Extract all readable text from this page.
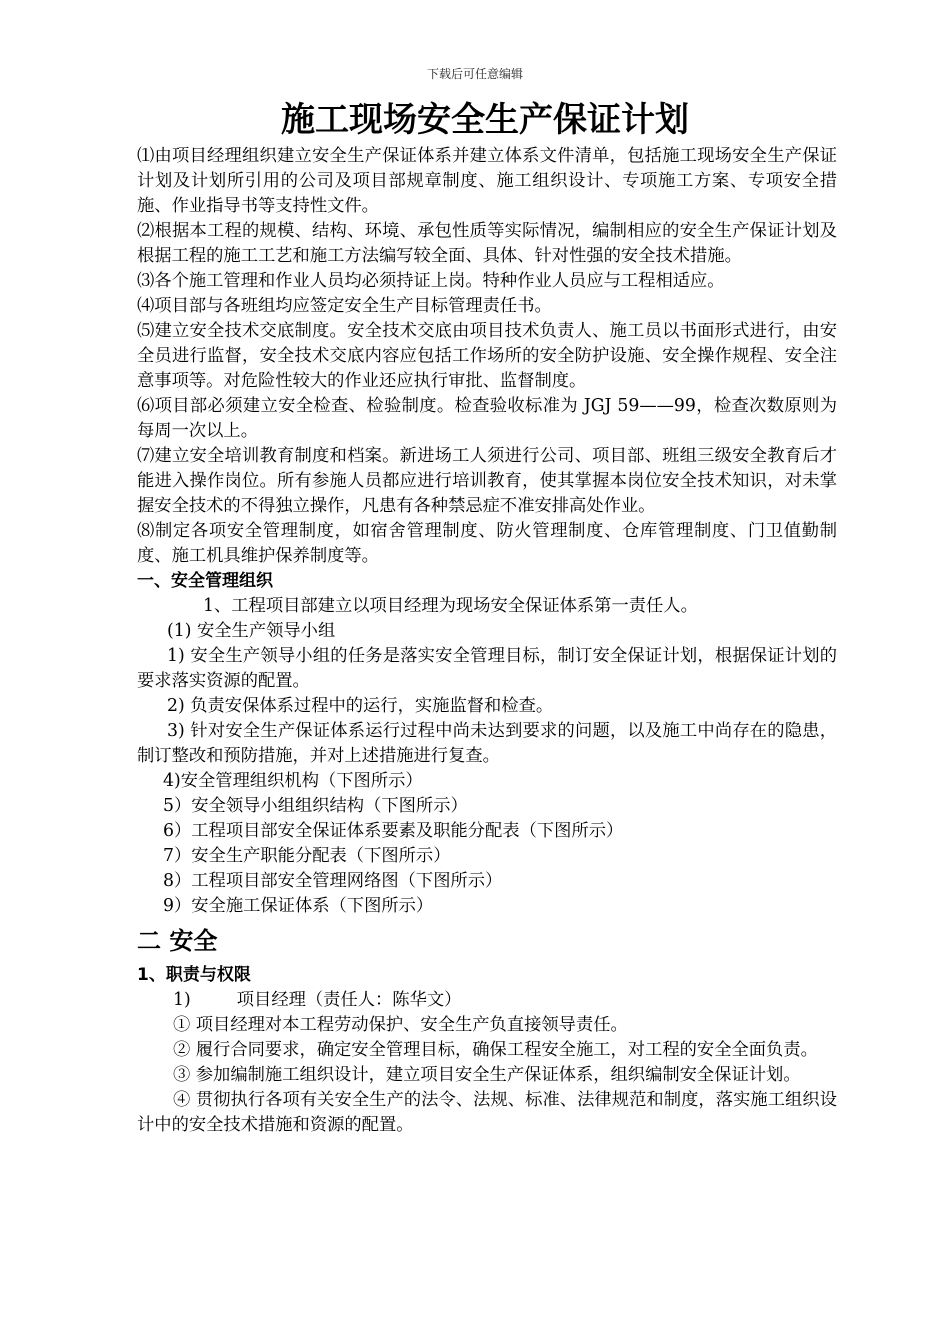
下载后可任意编辑
施工现场安全生产保证计划

⑴由项目经理组织建立安全生产保证体系并建立体系文件清单，包括施工现场安全生产保证计划及计划所引用的公司及项目部规章制度、施工组织设计、专项施工方案、专项安全措施、作业指导书等支持性文件。

⑵根据本工程的规模、结构、环境、承包性质等实际情况，编制相应的安全生产保证计划及根据工程的施工工艺和施工方法编写较全面、具体、针对性强的安全技术措施。

⑶各个施工管理和作业人员均必须持证上岗。特种作业人员应与工程相适应。

⑷项目部与各班组均应签定安全生产目标管理责任书。

⑸建立安全技术交底制度。安全技术交底由项目技术负责人、施工员以书面形式进行，由安全员进行监督，安全技术交底内容应包括工作场所的安全防护设施、安全操作规程、安全注意事项等。对危险性较大的作业还应执行审批、监督制度。

⑹项目部必须建立安全检查、检验制度。检查验收标准为 JGJ 59——99，检查次数原则为每周一次以上。

⑺建立安全培训教育制度和档案。新进场工人须进行公司、项目部、班组三级安全教育后才能进入操作岗位。所有参施人员都应进行培训教育，使其掌握本岗位安全技术知识，对未掌握安全技术的不得独立操作，凡患有各种禁忌症不准安排高处作业。

⑻制定各项安全管理制度，如宿舍管理制度、防火管理制度、仓库管理制度、门卫值勤制度、施工机具维护保养制度等。

一、安全管理组织

1、工程项目部建立以项目经理为现场安全保证体系第一责任人。

(1) 安全生产领导小组

1) 安全生产领导小组的任务是落实安全管理目标，制订安全保证计划，根据保证计划的要求落实资源的配置。

2) 负责安保体系过程中的运行，实施监督和检查。

3) 针对安全生产保证体系运行过程中尚未达到要求的问题，以及施工中尚存在的隐患，制订整改和预防措施，并对上述措施进行复查。

4)安全管理组织机构（下图所示）

5）安全领导小组组织结构（下图所示）

6）工程项目部安全保证体系要素及职能分配表（下图所示）

7）安全生产职能分配表（下图所示）

8）工程项目部安全管理网络图（下图所示）

9）安全施工保证体系（下图所示）

二 安全

1、职责与权限

1)	项目经理（责任人：陈华文）

① 项目经理对本工程劳动保护、安全生产负直接领导责任。

② 履行合同要求，确定安全管理目标，确保工程安全施工，对工程的安全全面负责。

③ 参加编制施工组织设计，建立项目安全生产保证体系，组织编制安全保证计划。

④ 贯彻执行各项有关安全生产的法令、法规、标准、法律规范和制度，落实施工组织设计中的安全技术措施和资源的配置。
